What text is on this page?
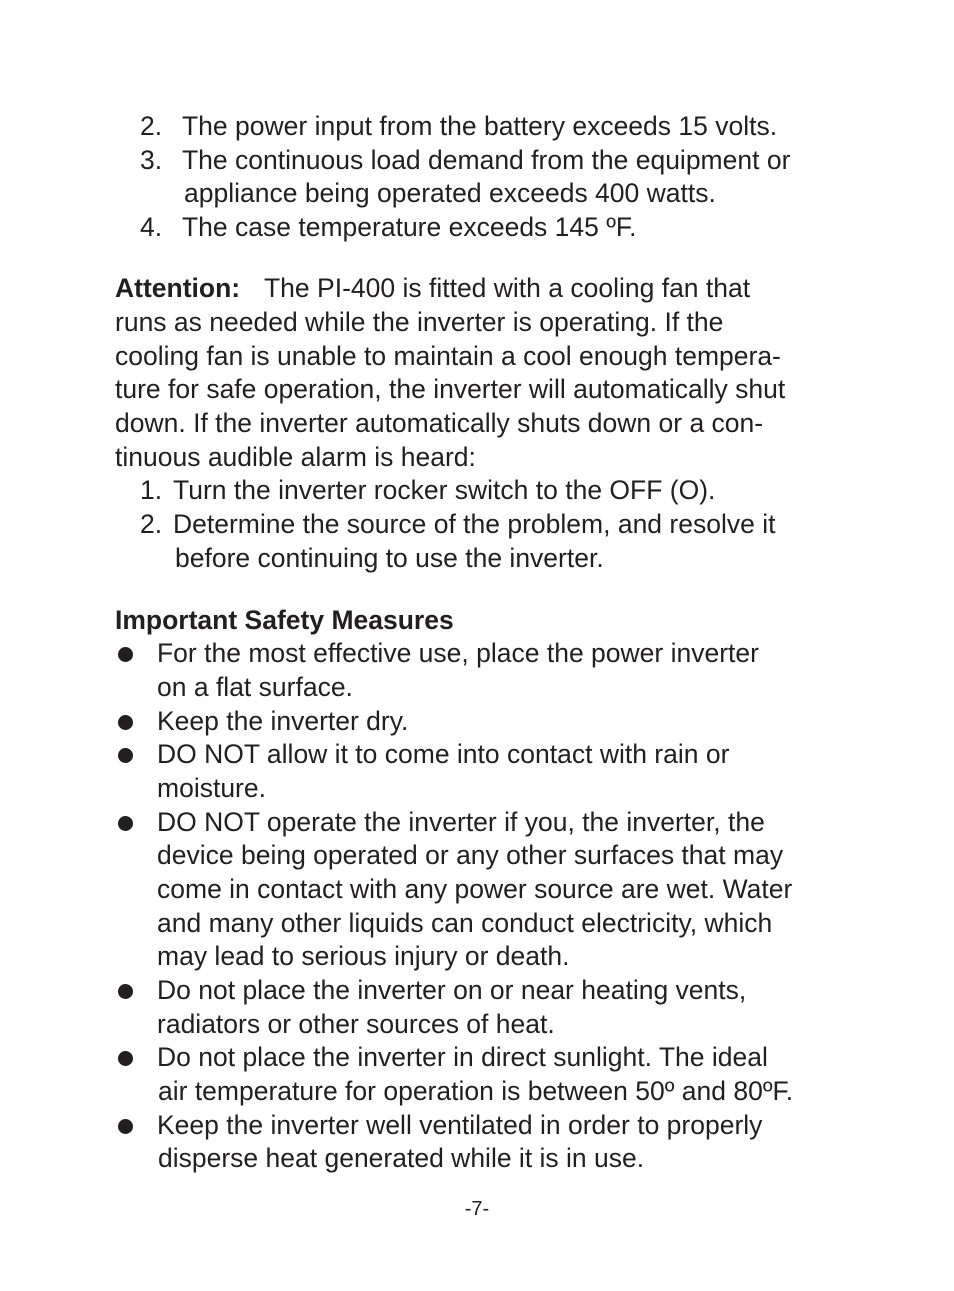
2. The power input from the battery exceeds 15 volts.
3. The continuous load demand from the equipment or
appliance being operated exceeds 400 watts.
4. The case temperature exceeds 145 ºF.
Attention: The PI-400 is fitted with a cooling fan that
runs as needed while the inverter is operating. If the
cooling fan is unable to maintain a cool enough tempera-
ture for safe operation, the inverter will automatically shut
down. If the inverter automatically shuts down or a con-
tinuous audible alarm is heard:
1. Turn the inverter rocker switch to the OFF (O).
2. Determine the source of the problem, and resolve it
before continuing to use the inverter.
Important Safety Measures
For the most effective use, place the power inverter
on a flat surface.
Keep the inverter dry.
DO NOT allow it to come into contact with rain or
moisture.
DO NOT operate the inverter if you, the inverter, the
device being operated or any other surfaces that may
come in contact with any power source are wet. Water
and many other liquids can conduct electricity, which
may lead to serious injury or death.
Do not place the inverter on or near heating vents,
radiators or other sources of heat.
Do not place the inverter in direct sunlight. The ideal
air temperature for operation is between 50º and 80ºF.
Keep the inverter well ventilated in order to properly
disperse heat generated while it is in use.
-7-
